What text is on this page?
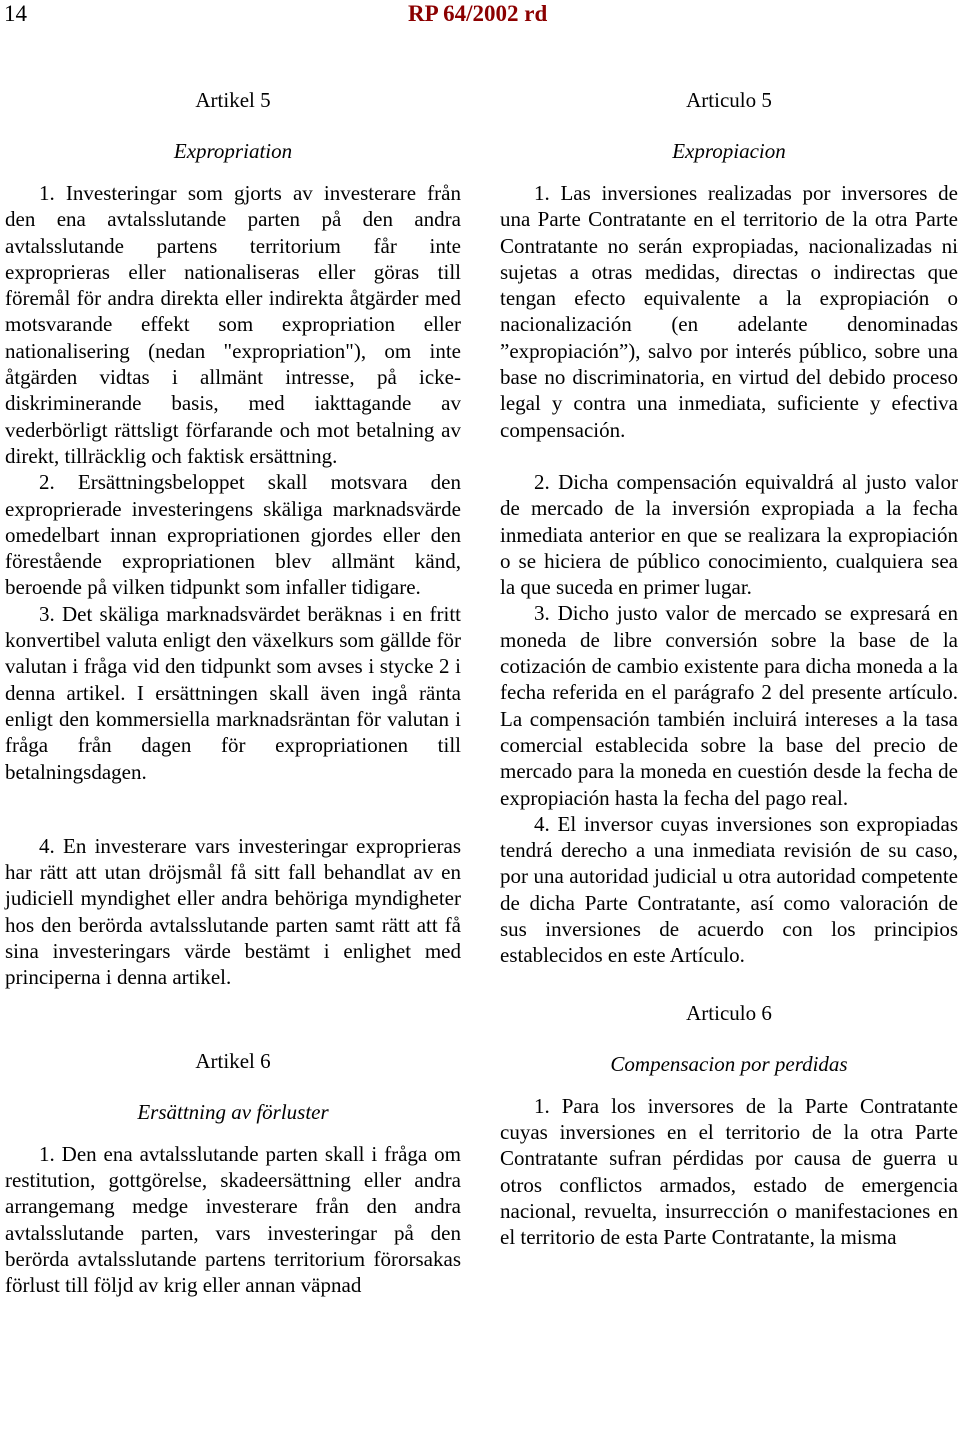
14	RP 64/2002 rd

Artikel 5

Expropriation

1. Investeringar som gjorts av investerare från den ena avtalsslutande parten på den andra avtalsslutande partens territorium får inte exproprieras eller nationaliseras eller göras till föremål för andra direkta eller indirekta åtgärder med motsvarande effekt som expropriation eller nationalisering (nedan "expropriation"), om inte åtgärden vidtas i allmänt intresse, på icke-diskriminerande basis, med iakttagande av vederbörligt rättsligt förfarande och mot betalning av direkt, tillräcklig och faktisk ersättning.

2. Ersättningsbeloppet skall motsvara den exproprierade investeringens skäliga marknadsvärde omedelbart innan expropriationen gjordes eller den förestående expropriationen blev allmänt känd, beroende på vilken tidpunkt som infaller tidigare.

3. Det skäliga marknadsvärdet beräknas i en fritt konvertibel valuta enligt den växelkurs som gällde för valutan i fråga vid den tidpunkt som avses i stycke 2 i denna artikel. I ersättningen skall även ingå ränta enligt den kommersiella marknadsräntan för valutan i fråga från dagen för expropriationen till betalningsdagen.

4. En investerare vars investeringar exproprieras har rätt att utan dröjsmål få sitt fall behandlat av en judiciell myndighet eller andra behöriga myndigheter hos den berörda avtalsslutande parten samt rätt att få sina investeringars värde bestämt i enlighet med principerna i denna artikel.

Artikel 6

Ersättning av förluster

1. Den ena avtalsslutande parten skall i fråga om restitution, gottgörelse, skadeersättning eller andra arrangemang medge investerare från den andra avtalsslutande parten, vars investeringar på den berörda avtalsslutande partens territorium förorsakas förlust till följd av krig eller annan väpnad

Articulo 5

Expropiacion

1. Las inversiones realizadas por inversores de una Parte Contratante en el territorio de la otra Parte Contratante no serán expropiadas, nacionalizadas ni sujetas a otras medidas, directas o indirectas que tengan efecto equivalente a la expropiación o nacionalización (en adelante denominadas ”expropiación”), salvo por interés público, sobre una base no discriminatoria, en virtud del debido proceso legal y contra una inmediata, suficiente y efectiva compensación.

2. Dicha compensación equivaldrá al justo valor de mercado de la inversión expropiada a la fecha inmediata anterior en que se realizara la expropiación o se hiciera de público conocimiento, cualquiera sea la que suceda en primer lugar.

3. Dicho justo valor de mercado se expresará en moneda de libre conversión sobre la base de la cotización de cambio existente para dicha moneda a la fecha referida en el parágrafo 2 del presente artículo. La compensación también incluirá intereses a la tasa comercial establecida sobre la base del precio de mercado para la moneda en cuestión desde la fecha de expropiación hasta la fecha del pago real.

4. El inversor cuyas inversiones son expropiadas tendrá derecho a una inmediata revisión de su caso, por una autoridad judicial u otra autoridad competente de dicha Parte Contratante, así como valoración de sus inversiones de acuerdo con los principios establecidos en este Artículo.

Articulo 6

Compensacion por perdidas

1. Para los inversores de la Parte Contratante cuyas inversiones en el territorio de la otra Parte Contratante sufran pérdidas por causa de guerra u otros conflictos armados, estado de emergencia nacional, revuelta, insurrección o manifestaciones en el territorio de esta Parte Contratante, la misma
